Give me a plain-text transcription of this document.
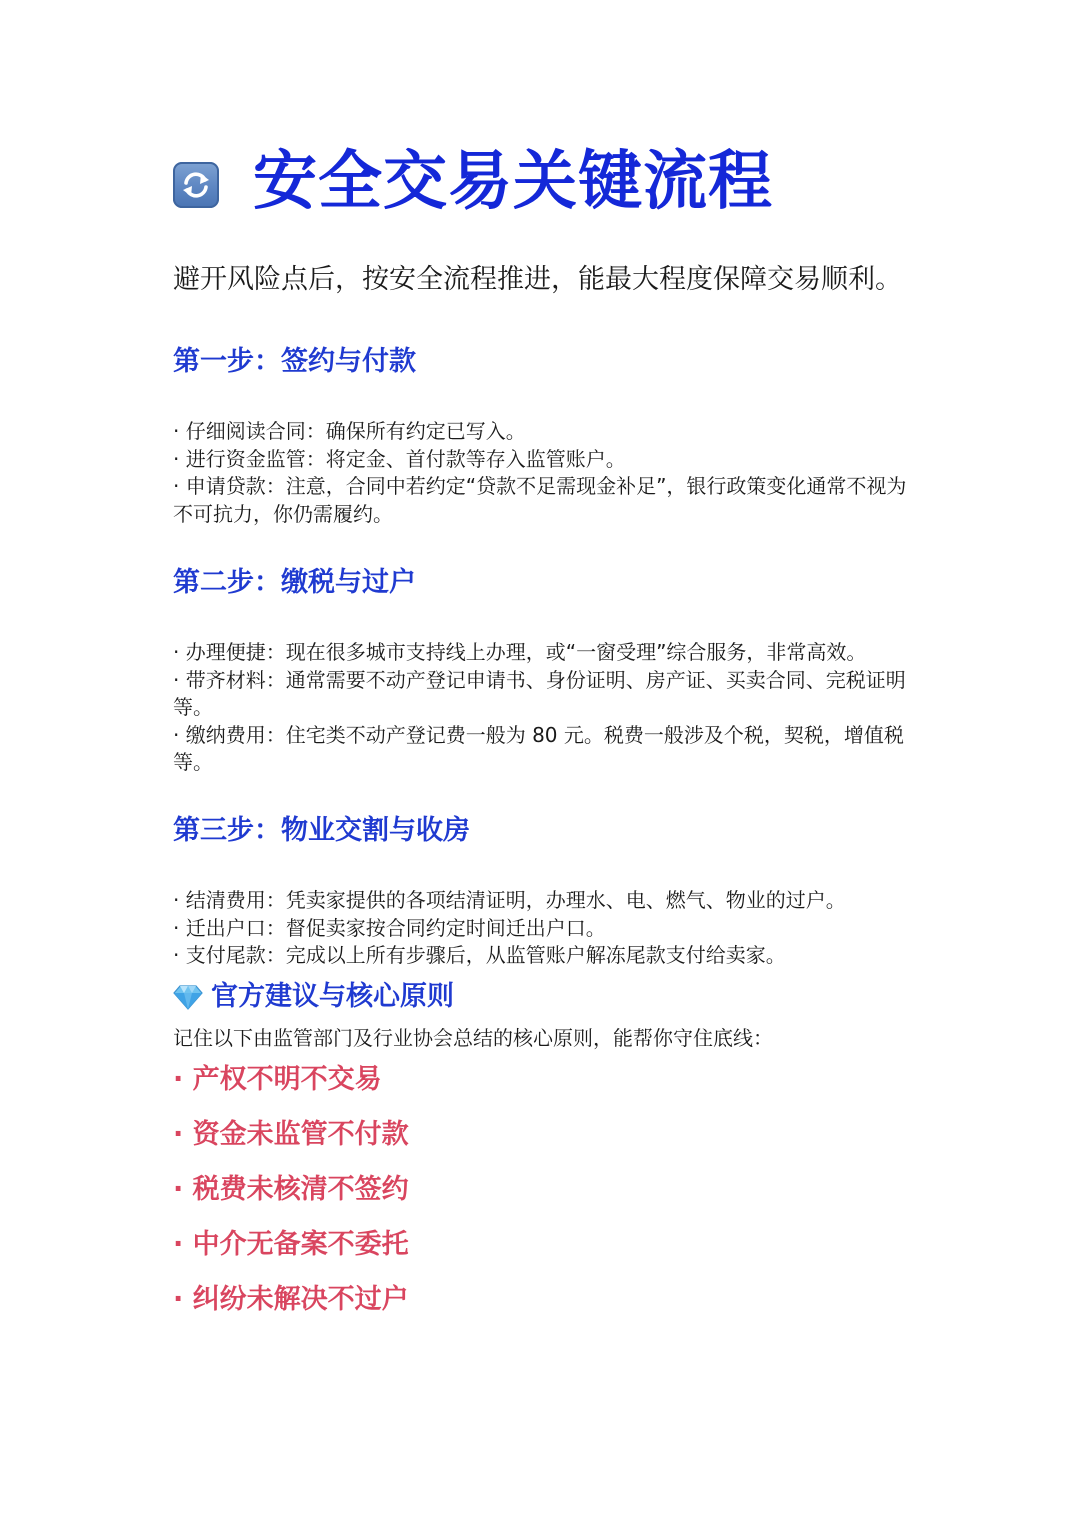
安全交易关键流程
避开风险点后，按安全流程推进，能最大程度保障交易顺利。
第一步：签约与付款

· 仔细阅读合同：确保所有约定已写入。

· 进行资金监管：将定金、首付款等存入监管账户。

· 申请贷款：注意，合同中若约定“贷款不足需现金补足”，银行政策变化通常不视为不可抗力，你仍需履约。

第二步：缴税与过户

· 办理便捷：现在很多城市支持线上办理，或“一窗受理”综合服务，非常高效。

· 带齐材料：通常需要不动产登记申请书、身份证明、房产证、买卖合同、完税证明等。

· 缴纳费用：住宅类不动产登记费一般为 80 元。税费一般涉及个税，契税，增值税等。

第三步：物业交割与收房

· 结清费用：凭卖家提供的各项结清证明，办理水、电、燃气、物业的过户。

· 迁出户口：督促卖家按合同约定时间迁出户口。

· 支付尾款：完成以上所有步骤后，从监管账户解冻尾款支付给卖家。

官方建议与核心原则
记住以下由监管部门及行业协会总结的核心原则，能帮你守住底线：
· 产权不明不交易
· 资金未监管不付款
· 税费未核清不签约
· 中介无备案不委托
· 纠纷未解决不过户
